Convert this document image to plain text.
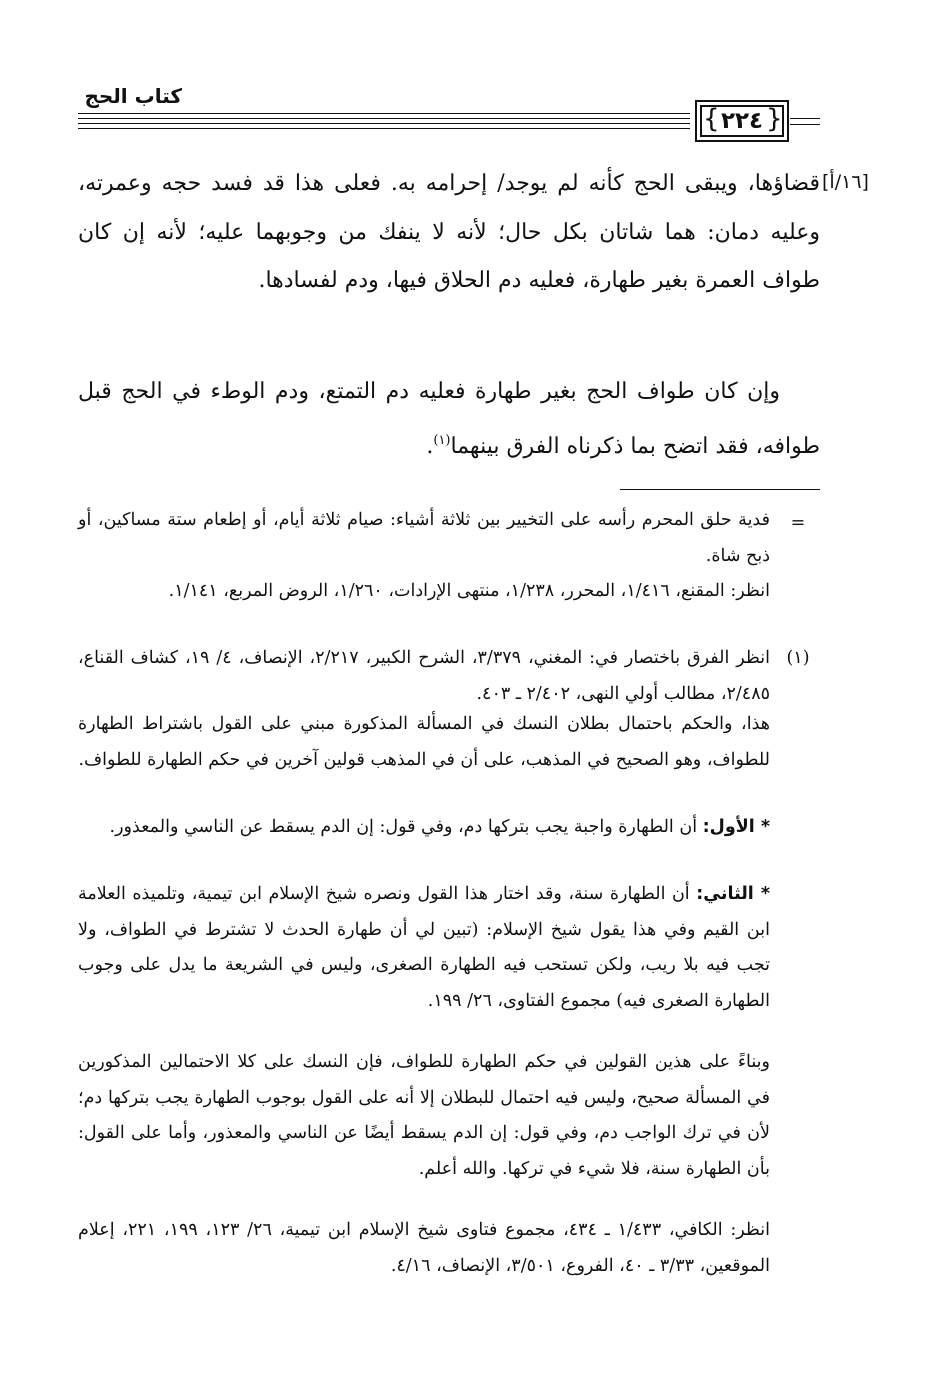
كتاب الحج
٢٢٤
{ }
[١٦/أ]
قضاؤها، ويبقى الحج كأنه لم يوجد/ إحرامه به. فعلى هذا قد فسد حجه وعمرته، وعليه دمان: هما شاتان بكل حال؛ لأنه لا ينفك من وجوبهما عليه؛ لأنه إن كان طواف العمرة بغير طهارة، فعليه دم الحلاق فيها، ودم لفسادها.
وإن كان طواف الحج بغير طهارة فعليه دم التمتع، ودم الوطء في الحج قبل طوافه، فقد اتضح بما ذكرناه الفرق بينهما$^{(١)}$.
=
فدية حلق المحرم رأسه على التخيير بين ثلاثة أشياء: صيام ثلاثة أيام، أو إطعام ستة مساكين، أو ذبح شاة.
انظر: المقنع، ١/٤١٦، المحرر، ١/٢٣٨، منتهى الإرادات، ١/٢٦٠، الروض المربع، ١/١٤١.
(١)
انظر الفرق باختصار في: المغني، ٣/٣٧٩، الشرح الكبير، ٢/٢١٧، الإنصاف، ٤/ ١٩، كشاف القناع، ٢/٤٨٥، مطالب أولي النهى، ٢/٤٠٢ ـ ٤٠٣.
هذا، والحكم باحتمال بطلان النسك في المسألة المذكورة مبني على القول باشتراط الطهارة للطواف، وهو الصحيح في المذهب، على أن في المذهب قولين آخرين في حكم الطهارة للطواف.
* الأول: أن الطهارة واجبة يجب بتركها دم، وفي قول: إن الدم يسقط عن الناسي والمعذور.
* الثاني: أن الطهارة سنة، وقد اختار هذا القول ونصره شيخ الإسلام ابن تيمية، وتلميذه العلامة ابن القيم وفي هذا يقول شيخ الإسلام: (تبين لي أن طهارة الحدث لا تشترط في الطواف، ولا تجب فيه بلا ريب، ولكن تستحب فيه الطهارة الصغرى، وليس في الشريعة ما يدل على وجوب الطهارة الصغرى فيه) مجموع الفتاوى، ٢٦/ ١٩٩.
وبناءً على هذين القولين في حكم الطهارة للطواف، فإن النسك على كلا الاحتمالين المذكورين في المسألة صحيح، وليس فيه احتمال للبطلان إلا أنه على القول بوجوب الطهارة يجب بتركها دم؛ لأن في ترك الواجب دم، وفي قول: إن الدم يسقط أيضًا عن الناسي والمعذور، وأما على القول: بأن الطهارة سنة، فلا شيء في تركها. والله أعلم.
انظر: الكافي، ١/٤٣٣ ـ ٤٣٤، مجموع فتاوى شيخ الإسلام ابن تيمية، ٢٦/ ١٢٣، ١٩٩، ٢٢١، إعلام الموقعين، ٣/٣٣ ـ ٤٠، الفروع، ٣/٥٠١، الإنصاف، ٤/١٦.
